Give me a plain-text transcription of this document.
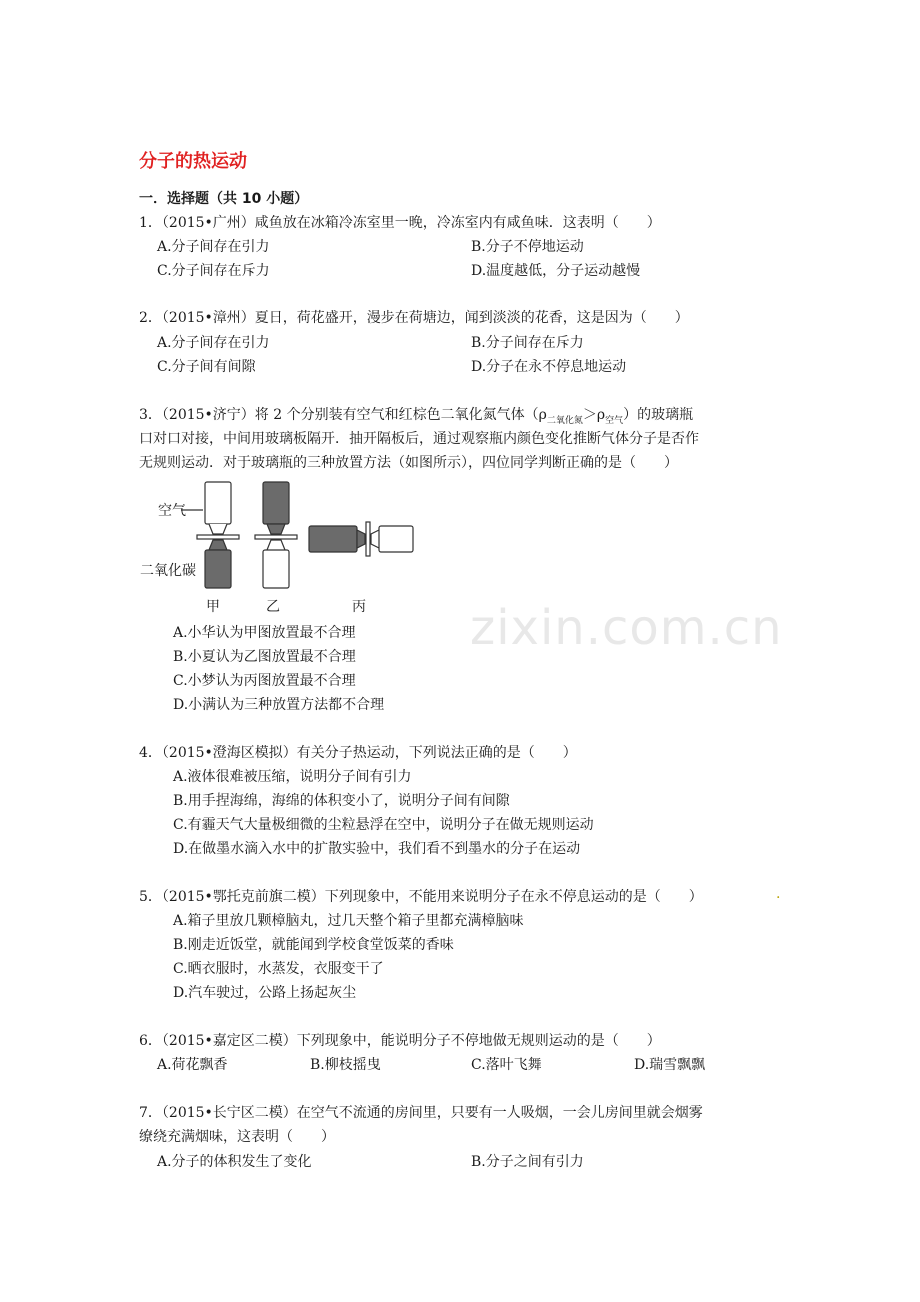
zixin.com.cn
分子的热运动
一．选择题（共 10 小题）
1．（2015•广州）咸鱼放在冰箱冷冻室里一晚，冷冻室内有咸鱼味．这表明（　　）
A.分子间存在引力	B.分子不停地运动
C.分子间存在斥力	D.温度越低，分子运动越慢
2．（2015•漳州）夏日，荷花盛开，漫步在荷塘边，闻到淡淡的花香，这是因为（　　）
A.分子间存在引力	B.分子间存在斥力
C.分子间有间隙	D.分子在永不停息地运动
3．（2015•济宁）将 2 个分别装有空气和红棕色二氧化氮气体$(\rho_{二氧化氮}>\rho_{空气})$的玻璃瓶
口对口对接，中间用玻璃板隔开．抽开隔板后，通过观察瓶内颜色变化推断气体分子是否作
无规则运动．对于玻璃瓶的三种放置方法（如图所示），四位同学判断正确的是（　　）
空气
二氧化碳
甲	乙	丙
A.小华认为甲图放置最不合理
B.小夏认为乙图放置最不合理
C.小梦认为丙图放置最不合理
D.小满认为三种放置方法都不合理
4．（2015•澄海区模拟）有关分子热运动，下列说法正确的是（　　）
A.液体很难被压缩，说明分子间有引力
B.用手捏海绵，海绵的体积变小了，说明分子间有间隙
C.有霾天气大量极细微的尘粒悬浮在空中，说明分子在做无规则运动
D.在做墨水滴入水中的扩散实验中，我们看不到墨水的分子在运动
5．（2015•鄂托克前旗二模）下列现象中，不能用来说明分子在永不停息运动的是（　　）	.
A.箱子里放几颗樟脑丸，过几天整个箱子里都充满樟脑味
B.刚走近饭堂，就能闻到学校食堂饭菜的香味
C.晒衣服时，水蒸发，衣服变干了
D.汽车驶过，公路上扬起灰尘
6．（2015•嘉定区二模）下列现象中，能说明分子不停地做无规则运动的是（　　）
A.荷花飘香	B.柳枝摇曳	C.落叶飞舞	D.瑞雪飘飘
7．（2015•长宁区二模）在空气不流通的房间里，只要有一人吸烟，一会儿房间里就会烟雾
缭绕充满烟味，这表明（　　）
A.分子的体积发生了变化	B.分子之间有引力
